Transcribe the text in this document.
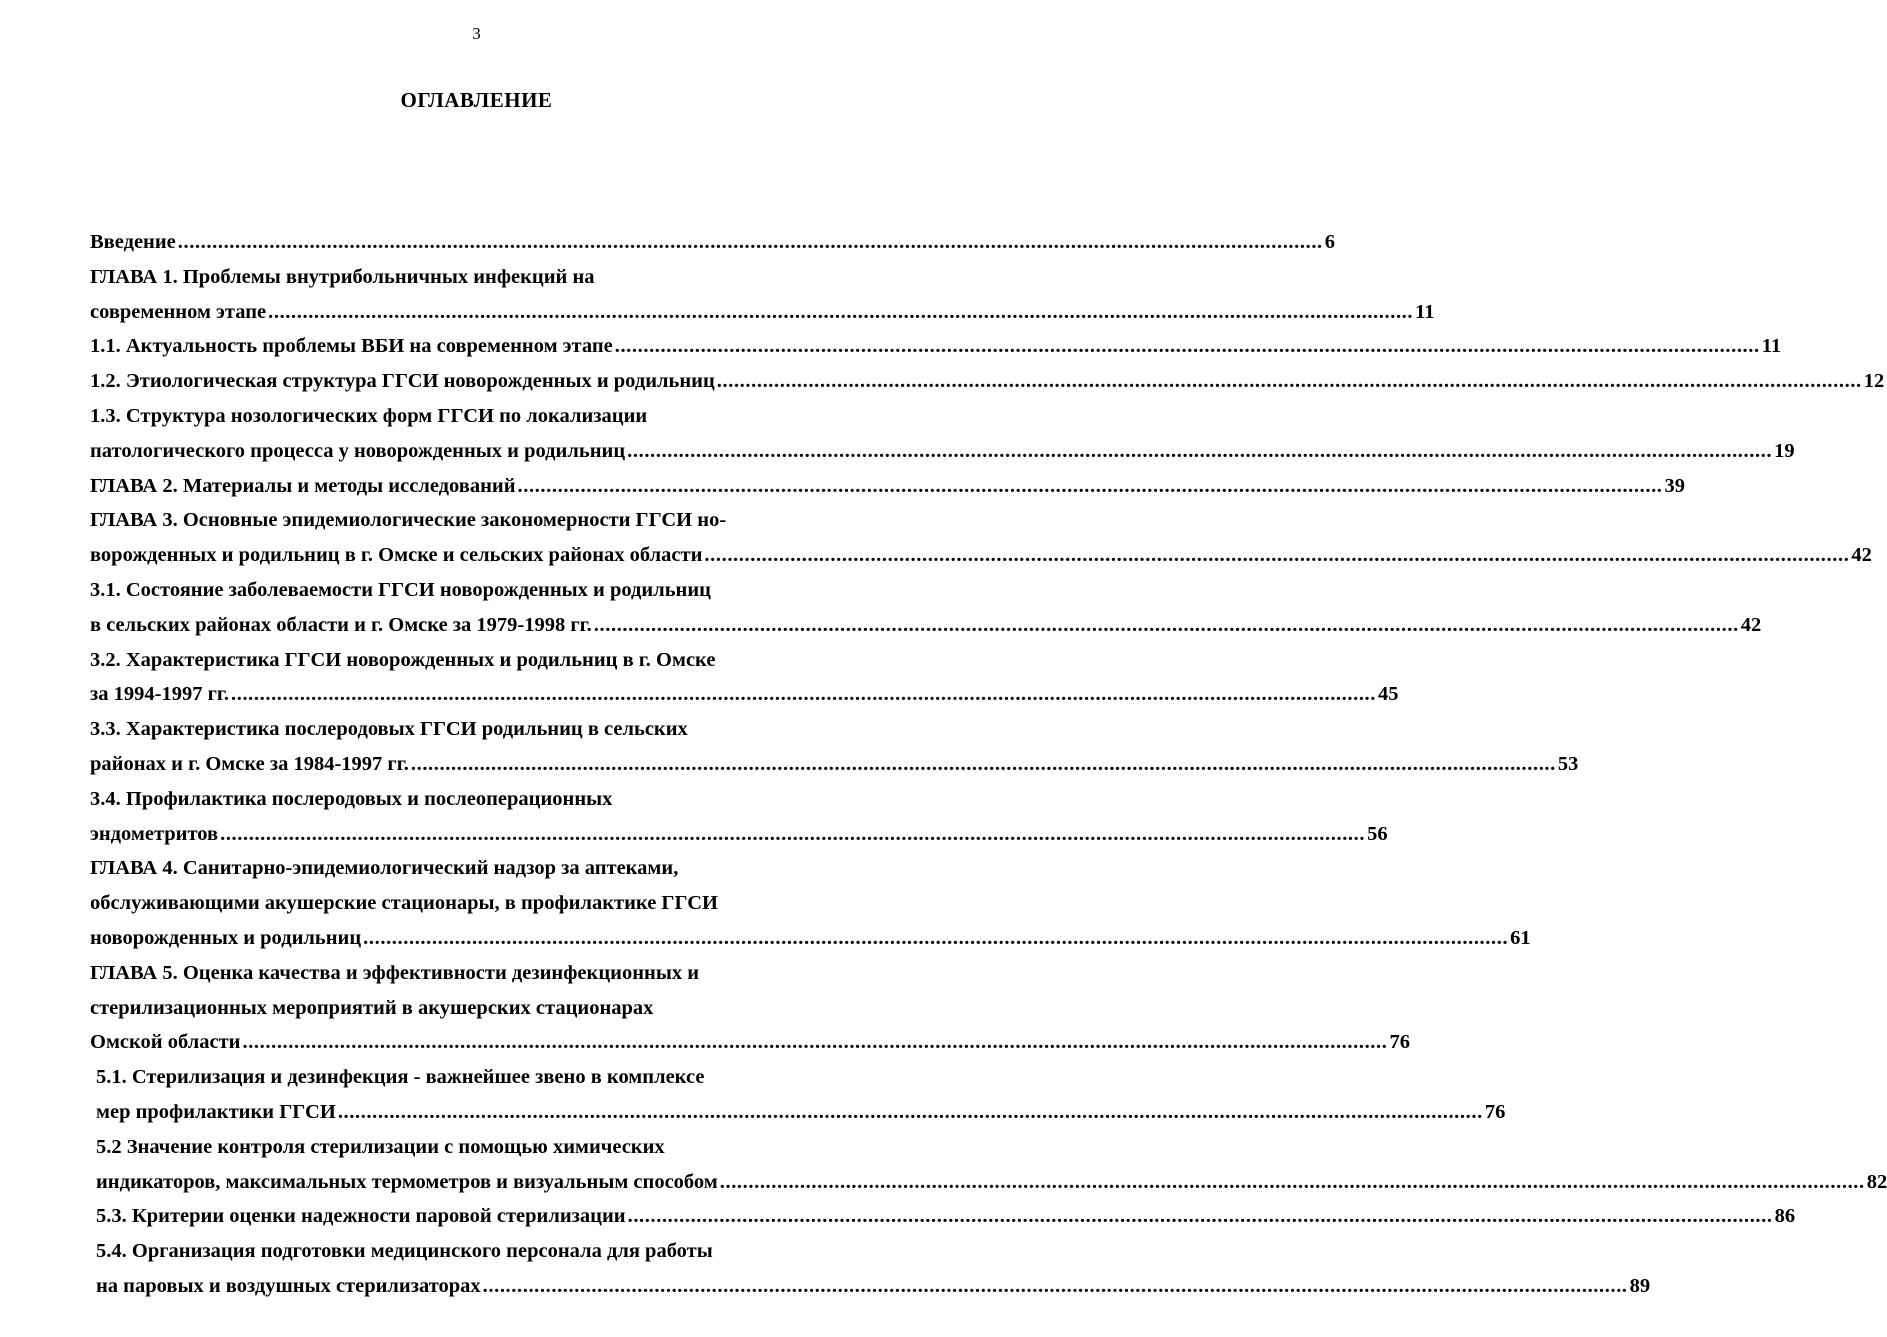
3
ОГЛАВЛЕНИЕ
Введение ........................................................................................................................................................................................................ 6
ГЛАВА 1. Проблемы внутрибольничных инфекций на
современном этапе ........................................................................................................................................................................................................ 11
1.1. Актуальность проблемы ВБИ на современном этапе ........................................................................................................................................................................................................ 11
1.2. Этиологическая структура ГГСИ новорожденных и родильниц ........................................................................................................................................................................................................ 12
1.3. Структура нозологических форм ГГСИ по локализации
патологического процесса у новорожденных и родильниц ........................................................................................................................................................................................................ 19
ГЛАВА 2. Материалы и методы исследований ........................................................................................................................................................................................................ 39
ГЛАВА 3. Основные эпидемиологические закономерности ГГСИ но-
ворожденных и родильниц в г. Омске и сельских районах области ........................................................................................................................................................................................................ 42
3.1. Состояние заболеваемости ГГСИ новорожденных и родильниц
в сельских районах области и г. Омске за 1979-1998 гг. ........................................................................................................................................................................................................ 42
3.2. Характеристика ГГСИ новорожденных и родильниц в г. Омске
за 1994-1997 гг. ........................................................................................................................................................................................................ 45
3.3. Характеристика послеродовых ГГСИ родильниц в сельских
районах и г. Омске за 1984-1997 гг. ........................................................................................................................................................................................................ 53
3.4. Профилактика послеродовых и послеоперационных
эндометритов ........................................................................................................................................................................................................ 56
ГЛАВА 4. Санитарно-эпидемиологический надзор за аптеками,
обслуживающими акушерские стационары, в профилактике ГГСИ
новорожденных и родильниц ........................................................................................................................................................................................................ 61
ГЛАВА 5. Оценка качества и эффективности дезинфекционных и
стерилизационных мероприятий в акушерских стационарах
Омской области ........................................................................................................................................................................................................ 76
5.1. Стерилизация и дезинфекция - важнейшее звено в комплексе
мер профилактики ГГСИ ........................................................................................................................................................................................................ 76
5.2 Значение контроля стерилизации с помощью химических
индикаторов, максимальных термометров и визуальным способом ........................................................................................................................................................................................................ 82
5.3. Критерии оценки надежности паровой стерилизации ........................................................................................................................................................................................................ 86
5.4. Организация подготовки медицинского персонала для работы
на паровых и воздушных стерилизаторах ........................................................................................................................................................................................................ 89
